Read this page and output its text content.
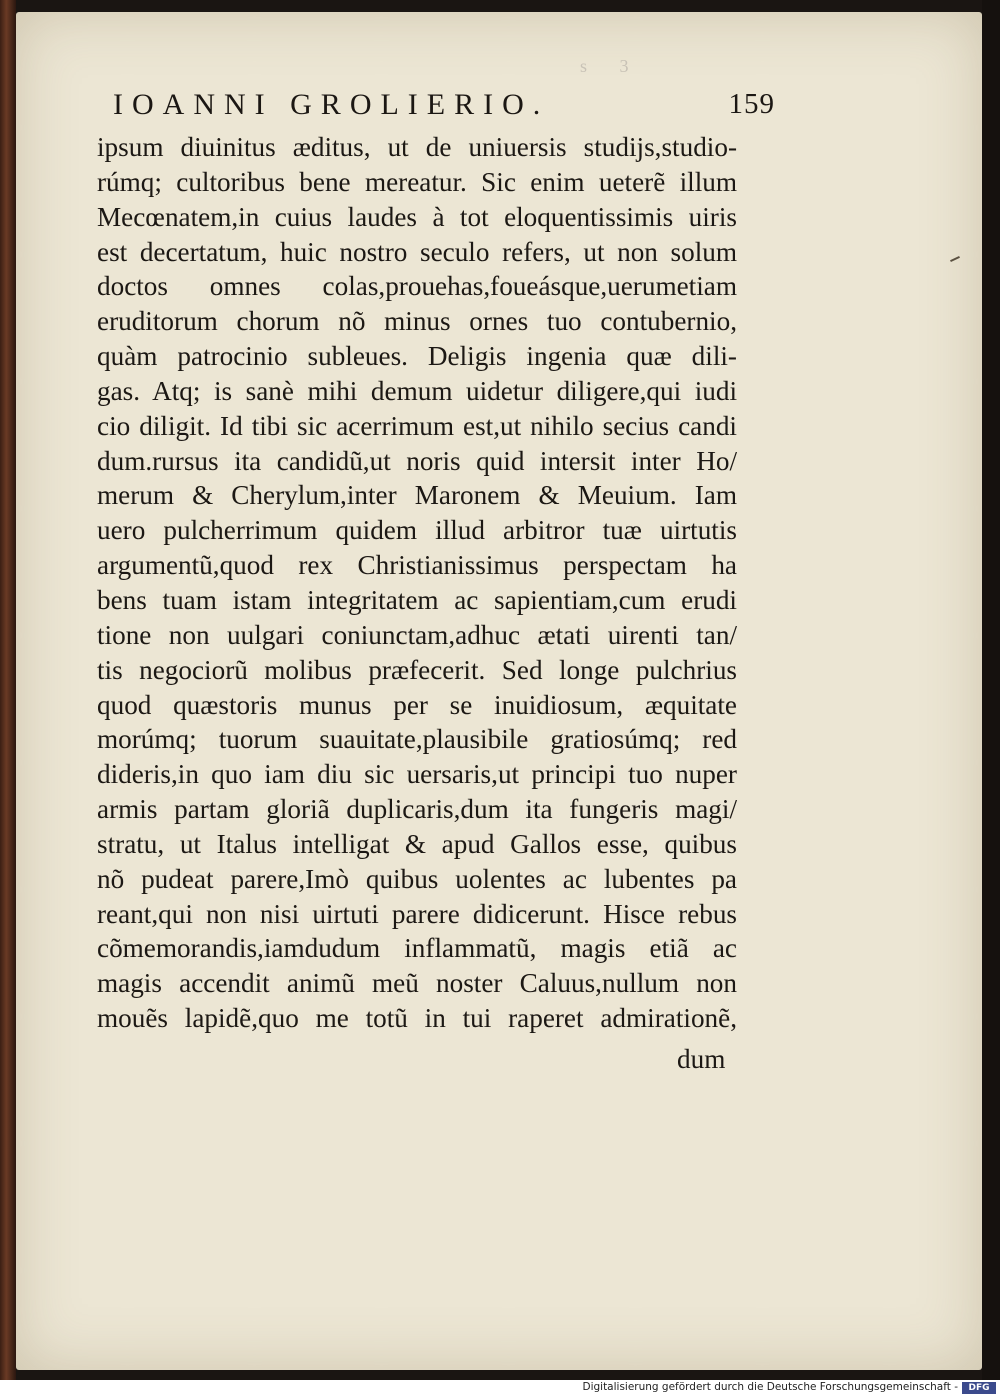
s 3
IOANNI GROLIERIO.	159
ipsum diuinitus æditus, ut de uniuersis studijs,studio-
rúmq; cultoribus bene mereatur. Sic enim ueterẽ illum
Mecœnatem,in cuius laudes à tot eloquentissimis uiris
est decertatum, huic nostro seculo refers, ut non solum
doctos omnes colas,prouehas,foueásque,uerumetiam
eruditorum chorum nõ minus ornes tuo contubernio,
quàm patrocinio subleues. Deligis ingenia quæ dili-
gas. Atq; is sanè mihi demum uidetur diligere,qui iudi
cio diligit. Id tibi sic acerrimum est,ut nihilo secius candi
dum.rursus ita candidũ,ut noris quid intersit inter Ho/
merum & Cherylum,inter Maronem & Meuium. Iam
uero pulcherrimum quidem illud arbitror tuæ uirtutis
argumentũ,quod rex Christianissimus perspectam ha
bens tuam istam integritatem ac sapientiam,cum erudi
tione non uulgari coniunctam,adhuc ætati uirenti tan/
tis negociorũ molibus præfecerit. Sed longe pulchrius
quod quæstoris munus per se inuidiosum, æquitate
morúmq; tuorum suauitate,plausibile gratiosúmq; red
dideris,in quo iam diu sic uersaris,ut principi tuo nuper
armis partam gloriã duplicaris,dum ita fungeris magi/
stratu, ut Italus intelligat & apud Gallos esse, quibus
nõ pudeat parere,Imò quibus uolentes ac lubentes pa
reant,qui non nisi uirtuti parere didicerunt. Hisce rebus
cõmemorandis,iamdudum inflammatũ, magis etiã ac
magis accendit animũ meũ noster Caluus,nullum non
mouẽs lapidẽ,quo me totũ in tui raperet admirationẽ,
dum
Digitalisierung gefördert durch die Deutsche Forschungsgemeinschaft -	DFG
